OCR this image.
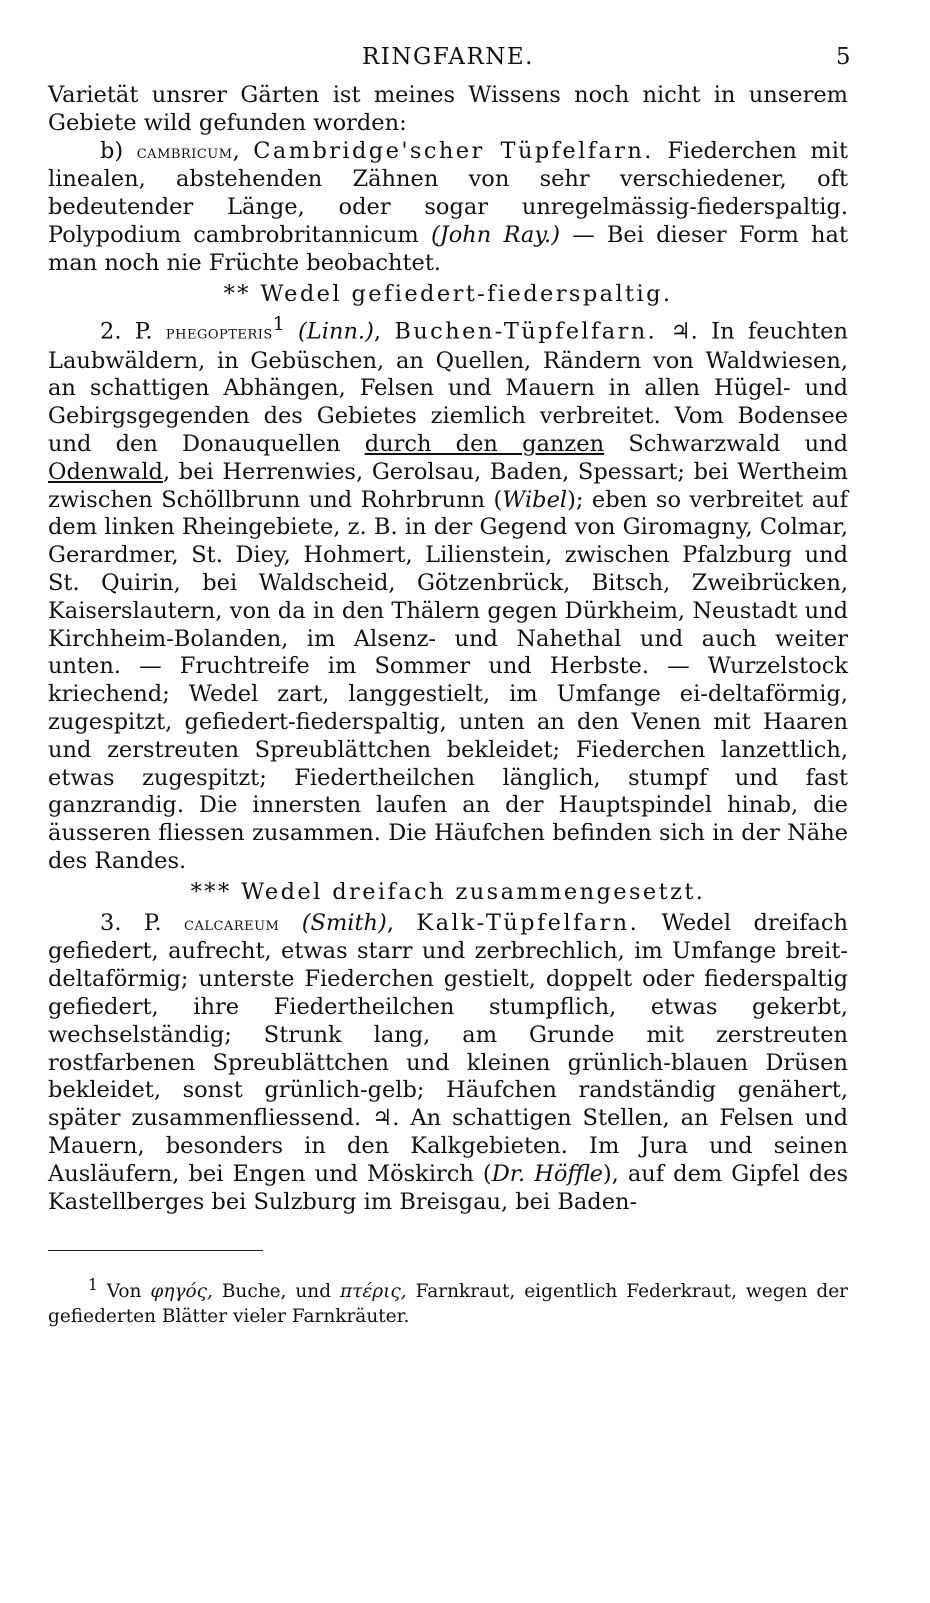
RINGFARNE.	5

Varietät unsrer Gärten ist meines Wissens noch nicht in unserem Gebiete wild gefunden worden:

b) cambricum, Cambridge'scher Tüpfelfarn. Fiederchen mit linealen, abstehenden Zähnen von sehr verschiedener, oft bedeutender Länge, oder sogar unregelmässig-fiederspaltig. Polypodium cambrobritannicum (John Ray.) — Bei dieser Form hat man noch nie Früchte beobachtet.

** Wedel gefiedert-fiederspaltig.

2. P. phegopteris$^1$ (Linn.), Buchen-Tüpfelfarn. ♃. In feuchten Laubwäldern, in Gebüschen, an Quellen, Rändern von Waldwiesen, an schattigen Abhängen, Felsen und Mauern in allen Hügel- und Gebirgsgegenden des Gebietes ziemlich verbreitet. Vom Bodensee und den Donauquellen durch den ganzen Schwarzwald und Odenwald, bei Herrenwies, Gerolsau, Baden, Spessart; bei Wertheim zwischen Schöllbrunn und Rohrbrunn (Wibel); eben so verbreitet auf dem linken Rheingebiete, z. B. in der Gegend von Giromagny, Colmar, Gerardmer, St. Diey, Hohmert, Lilienstein, zwischen Pfalzburg und St. Quirin, bei Waldscheid, Götzenbrück, Bitsch, Zweibrücken, Kaiserslautern, von da in den Thälern gegen Dürkheim, Neustadt und Kirchheim-Bolanden, im Alsenz- und Nahethal und auch weiter unten. — Fruchtreife im Sommer und Herbste. — Wurzelstock kriechend; Wedel zart, langgestielt, im Umfange ei-deltaförmig, zugespitzt, gefiedert-fiederspaltig, unten an den Venen mit Haaren und zerstreuten Spreublättchen bekleidet; Fiederchen lanzettlich, etwas zugespitzt; Fiedertheilchen länglich, stumpf und fast ganzrandig. Die innersten laufen an der Hauptspindel hinab, die äusseren fliessen zusammen. Die Häufchen befinden sich in der Nähe des Randes.

*** Wedel dreifach zusammengesetzt.

3. P. calcareum (Smith), Kalk-Tüpfelfarn. Wedel dreifach gefiedert, aufrecht, etwas starr und zerbrechlich, im Umfange breit-deltaförmig; unterste Fiederchen gestielt, doppelt oder fiederspaltig gefiedert, ihre Fiedertheilchen stumpflich, etwas gekerbt, wechselständig; Strunk lang, am Grunde mit zerstreuten rostfarbenen Spreublättchen und kleinen grünlich-blauen Drüsen bekleidet, sonst grünlich-gelb; Häufchen randständig genähert, später zusammenfliessend. ♃. An schattigen Stellen, an Felsen und Mauern, besonders in den Kalkgebieten. Im Jura und seinen Ausläufern, bei Engen und Möskirch (Dr. Höffle), auf dem Gipfel des Kastellberges bei Sulzburg im Breisgau, bei Baden-

$^1$ Von φηγός, Buche, und πτέρις, Farnkraut, eigentlich Federkraut, wegen der gefiederten Blätter vieler Farnkräuter.
